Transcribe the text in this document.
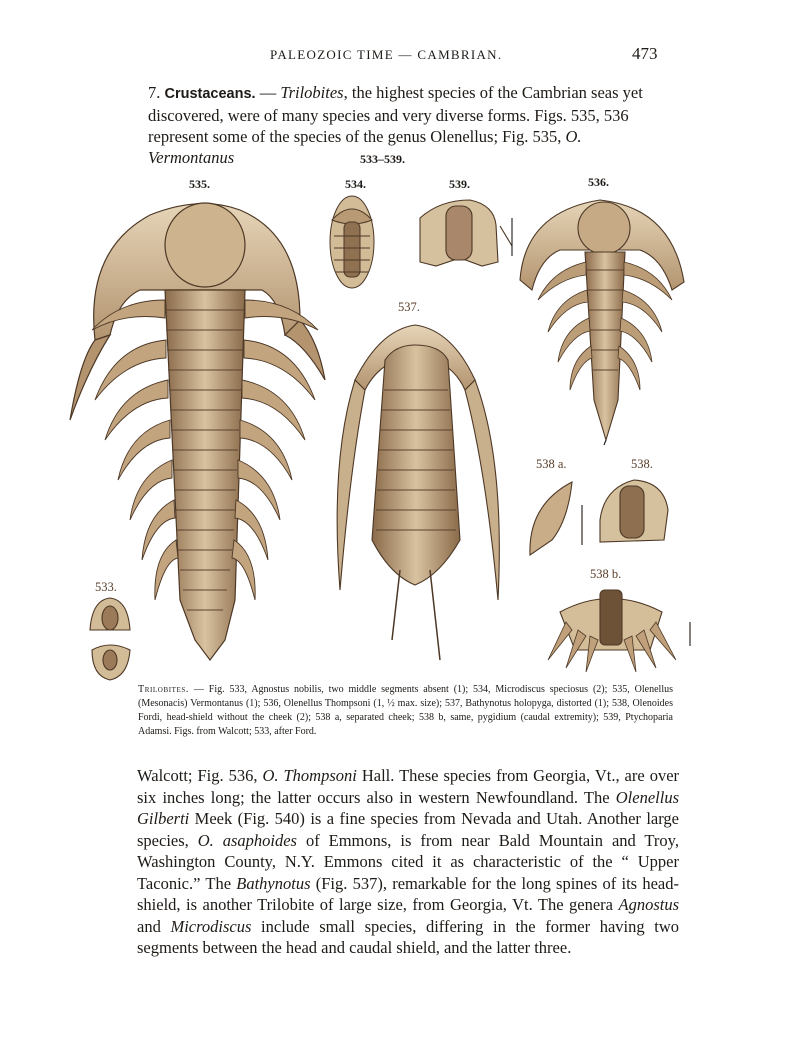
PALEOZOIC TIME — CAMBRIAN.	473
7. Crustaceans. — Trilobites, the highest species of the Cambrian seas yet discovered, were of many species and very diverse forms. Figs. 535, 536 represent some of the species of the genus Olenellus; Fig. 535, O. Vermontanus	533–539.
535.	534.	539.	536.
537.
538 a.	538.
538 b.
533.
Trilobites. — Fig. 533, Agnostus nobilis, two middle segments absent (1); 534, Microdiscus speciosus (2); 535, Olenellus (Mesonacis) Vermontanus (1); 536, Olenellus Thompsoni (1, ½ max. size); 537, Bathynotus holopyga, distorted (1); 538, Olenoides Fordi, head-shield without the cheek (2); 538 a, separated cheek; 538 b, same, pygidium (caudal extremity); 539, Ptychoparia Adamsi. Figs. from Walcott; 533, after Ford.
Walcott; Fig. 536, O. Thompsoni Hall. These species from Georgia, Vt., are over six inches long; the latter occurs also in western Newfoundland. The Olenellus Gilberti Meek (Fig. 540) is a fine species from Nevada and Utah. Another large species, O. asaphoides of Emmons, is from near Bald Mountain and Troy, Washington County, N.Y. Emmons cited it as characteristic of the “ Upper Taconic.” The Bathynotus (Fig. 537), remarkable for the long spines of its head-shield, is another Trilobite of large size, from Georgia, Vt. The genera Agnostus and Microdiscus include small species, differing in the former having two segments between the head and caudal shield, and the latter three.
